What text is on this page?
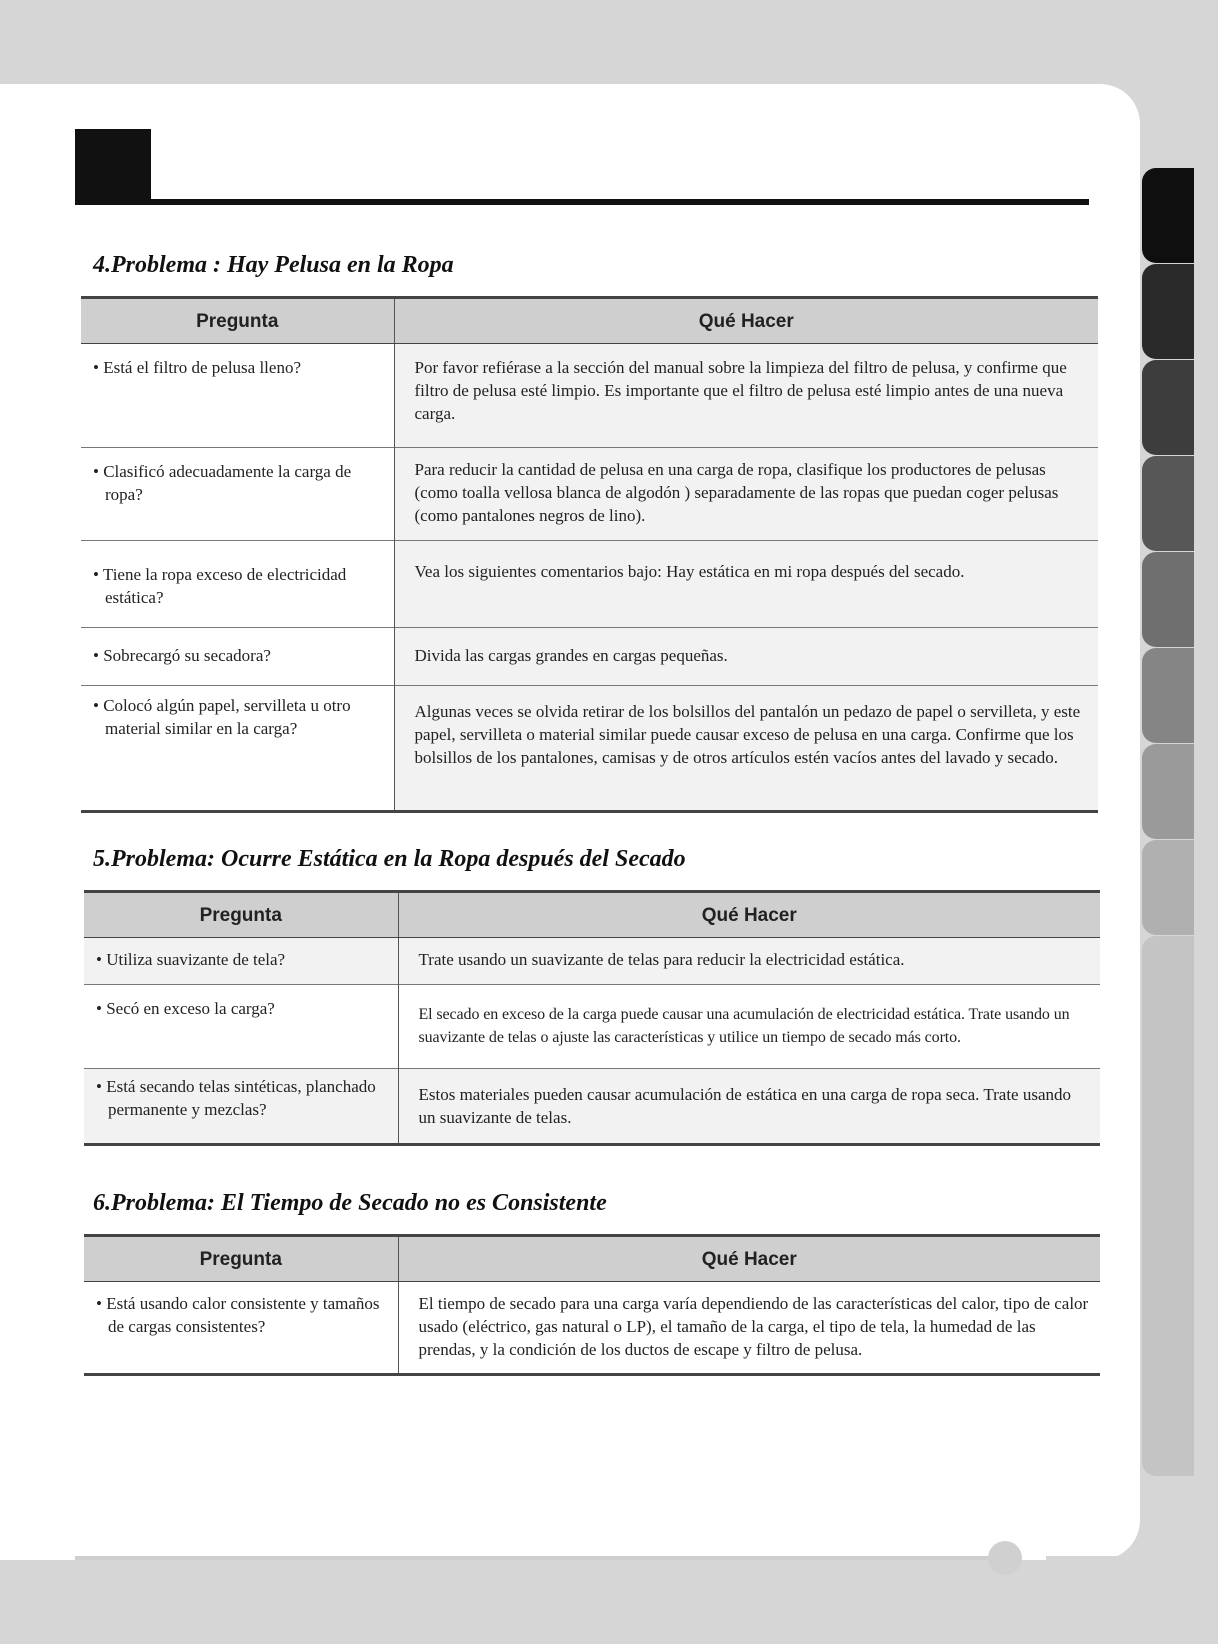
4.Problema : Hay Pelusa en la Ropa
Pregunta	Qué Hacer

• Está el filtro de pelusa lleno?	Por favor refiérase a la sección del manual sobre la limpieza del filtro de pelusa, y confirme que filtro de pelusa esté limpio. Es importante que el filtro de pelusa esté limpio antes de una nueva carga.

• Clasificó adecuadamente la carga de ropa?	Para reducir la cantidad de pelusa en una carga de ropa, clasifique los productores de pelusas (como toalla vellosa blanca de algodón ) separadamente de las ropas que puedan coger pelusas (como pantalones negros de lino).

• Tiene la ropa exceso de electricidad estática?	Vea los siguientes comentarios bajo: Hay estática en mi ropa después del secado.

• Sobrecargó su secadora?	Divida las cargas grandes en cargas pequeñas.

• Colocó algún papel, servilleta u otro material similar en la carga?	Algunas veces se olvida retirar de los bolsillos del pantalón un pedazo de papel o servilleta, y este papel, servilleta o material similar puede causar exceso de pelusa en una carga. Confirme que los bolsillos de los pantalones, camisas y de otros artículos estén vacíos antes del lavado y secado.
5.Problema: Ocurre Estática en la Ropa después del Secado
Pregunta	Qué Hacer

• Utiliza suavizante de tela?	Trate usando un suavizante de telas para reducir la electricidad estática.

• Secó en exceso la carga?	El secado en exceso de la carga puede causar una acumulación de electricidad estática. Trate usando un suavizante de telas o ajuste las características y utilice un tiempo de secado más corto.

• Está secando telas sintéticas, planchado permanente y mezclas?	Estos materiales pueden causar acumulación de estática en una carga de ropa seca. Trate usando un suavizante de telas.
6.Problema: El Tiempo de Secado no es Consistente
Pregunta	Qué Hacer

• Está usando calor consistente y tamaños de cargas consistentes?	El tiempo de secado para una carga varía dependiendo de las características del calor, tipo de calor usado (eléctrico, gas natural o LP), el tamaño de la carga, el tipo de tela, la humedad de las prendas, y la condición de los ductos de escape y filtro de pelusa.
